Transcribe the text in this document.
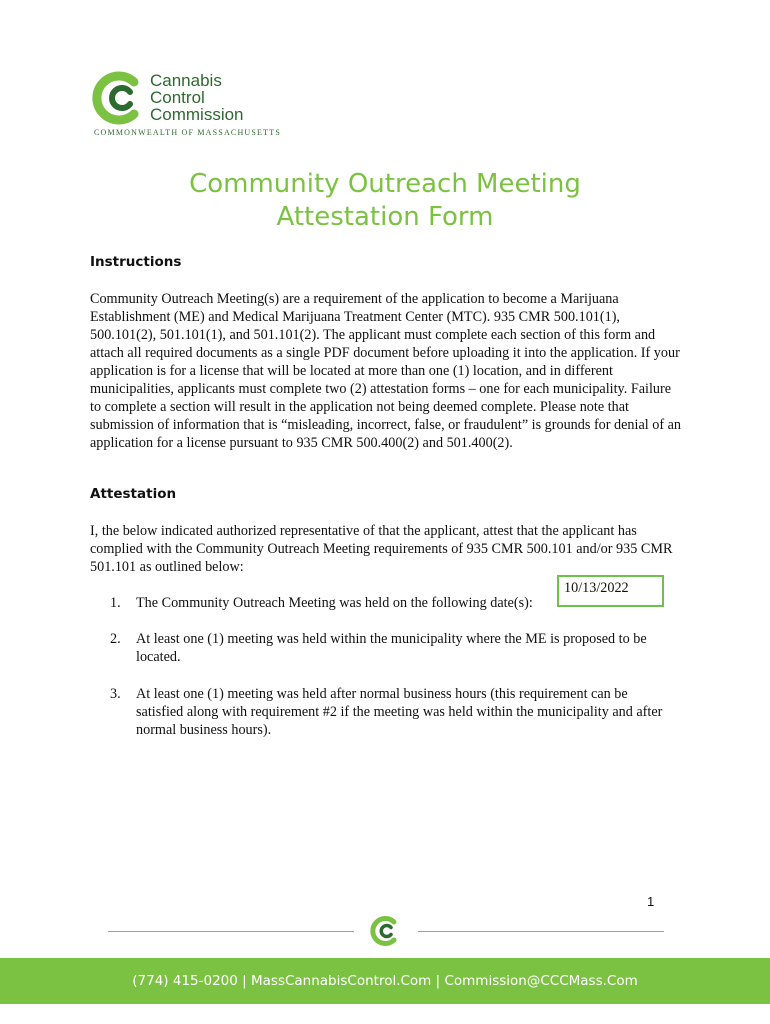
Cannabis
Control
Commission
COMMONWEALTH OF MASSACHUSETTS
Community Outreach Meeting
Attestation Form
Instructions
Community Outreach Meeting(s) are a requirement of the application to become a Marijuana Establishment (ME) and Medical Marijuana Treatment Center (MTC). 935 CMR 500.101(1), 500.101(2), 501.101(1), and 501.101(2). The applicant must complete each section of this form and attach all required documents as a single PDF document before uploading it into the application. If your application is for a license that will be located at more than one (1) location, and in different municipalities, applicants must complete two (2) attestation forms – one for each municipality. Failure to complete a section will result in the application not being deemed complete. Please note that submission of information that is “misleading, incorrect, false, or fraudulent” is grounds for denial of an application for a license pursuant to 935 CMR 500.400(2) and 501.400(2).
Attestation
I, the below indicated authorized representative of that the applicant, attest that the applicant has complied with the Community Outreach Meeting requirements of 935 CMR 500.101 and/or 935 CMR 501.101 as outlined below:
1. The Community Outreach Meeting was held on the following date(s):
2. At least one (1) meeting was held within the municipality where the ME is proposed to be located.
3. At least one (1) meeting was held after normal business hours (this requirement can be satisfied along with requirement #2 if the meeting was held within the municipality and after normal business hours).
10/13/2022
1
(774) 415-0200 | MassCannabisControl.Com | Commission@CCCMass.Com
